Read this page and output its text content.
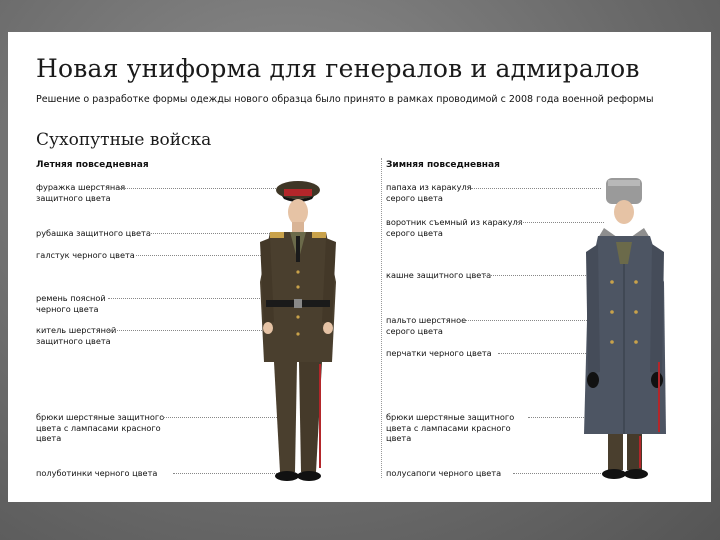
Новая униформа для генералов и адмиралов
Решение о разработке формы одежды нового образца было принято в рамках проводимой с 2008 года военной реформы
Сухопутные войска
Летняя повседневная	Зимняя повседневная
фуражка шерстяная
защитного цвета
рубашка защитного цвета
галстук черного цвета
ремень поясной
черного цвета
китель шерстяной
защитного цвета
брюки шерстяные защитного
цвета с лампасами красного
цвета
полуботинки черного цвета
папаха из каракуля
серого цвета
воротник съемный из каракуля
серого цвета
кашне защитного цвета
пальто шерстяное
серого цвета
перчатки черного цвета
брюки шерстяные защитного
цвета с лампасами красного
цвета
полусапоги черного цвета
